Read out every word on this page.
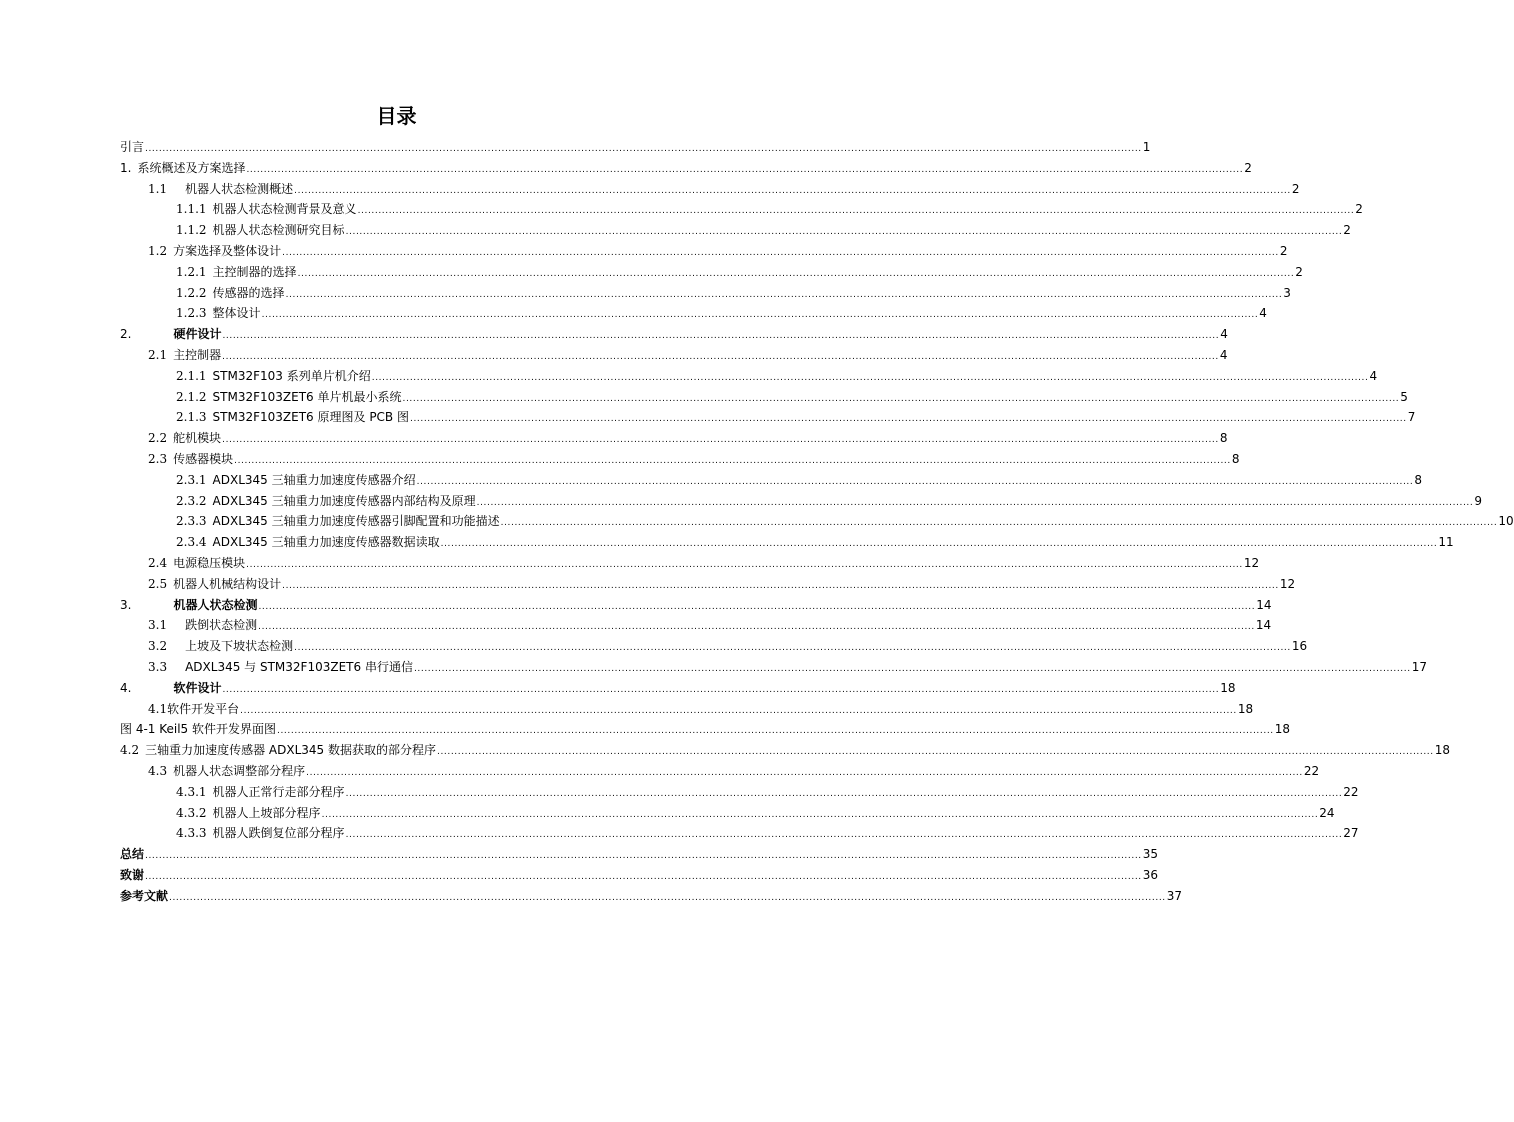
目录
引言 .....	1
1. 系统概述及方案选择 .....	2
1.1 机器人状态检测概述 .....	2
1.1.1 机器人状态检测背景及意义 .....	2
1.1.2 机器人状态检测研究目标 .....	2
1.2 方案选择及整体设计 .....	2
1.2.1 主控制器的选择 .....	2
1.2.2 传感器的选择 .....	3
1.2.3 整体设计 .....	4
2.	硬件设计 .....	4
2.1 主控制器 .....	4
2.1.1 STM32F103 系列单片机介绍 .....	4
2.1.2 STM32F103ZET6 单片机最小系统 .....	5
2.1.3 STM32F103ZET6 原理图及 PCB 图 .....	7
2.2 舵机模块 .....	8
2.3 传感器模块 .....	8
2.3.1 ADXL345 三轴重力加速度传感器介绍 .....	8
2.3.2 ADXL345 三轴重力加速度传感器内部结构及原理 .....	9
2.3.3 ADXL345 三轴重力加速度传感器引脚配置和功能描述 .....	10
2.3.4 ADXL345 三轴重力加速度传感器数据读取 .....	11
2.4 电源稳压模块 .....	12
2.5 机器人机械结构设计 .....	12
3.	机器人状态检测 .....	14
3.1 跌倒状态检测 .....	14
3.2 上坡及下坡状态检测 .....	16
3.3 ADXL345 与 STM32F103ZET6 串行通信 .....	17
4.	软件设计 .....	18
4.1软件开发平台 .....	18
图 4-1 Keil5 软件开发界面图 .....	18
4.2 三轴重力加速度传感器 ADXL345 数据获取的部分程序 .....	18
4.3 机器人状态调整部分程序 .....	22
4.3.1 机器人正常行走部分程序 .....	22
4.3.2 机器人上坡部分程序 .....	24
4.3.3 机器人跌倒复位部分程序 .....	27
总结 .....	35
致谢 .....	36
参考文献 .....	37
